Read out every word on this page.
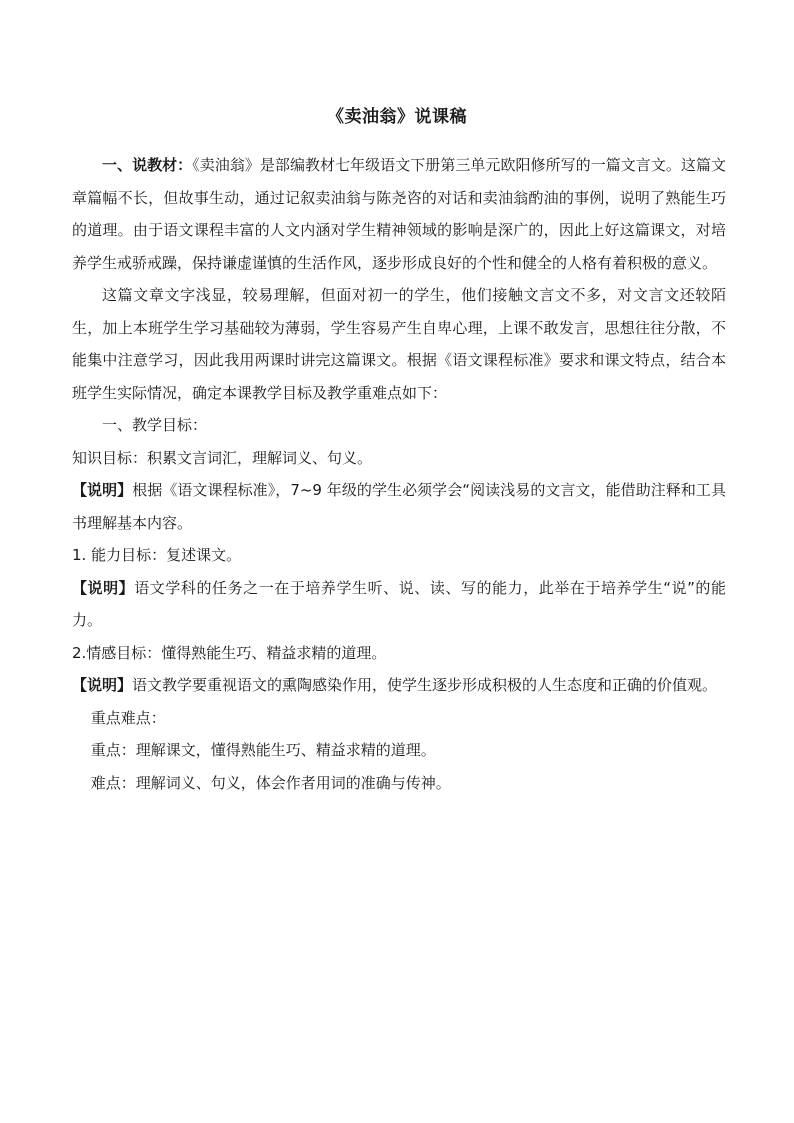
《卖油翁》说课稿

一、说教材：《卖油翁》是部编教材七年级语文下册第三单元欧阳修所写的一篇文言文。这篇文章篇幅不长，但故事生动，通过记叙卖油翁与陈尧咨的对话和卖油翁酌油的事例，说明了熟能生巧的道理。由于语文课程丰富的人文内涵对学生精神领域的影响是深广的，因此上好这篇课文，对培养学生戒骄戒躁，保持谦虚谨慎的生活作风，逐步形成良好的个性和健全的人格有着积极的意义。

这篇文章文字浅显，较易理解，但面对初一的学生，他们接触文言文不多，对文言文还较陌生，加上本班学生学习基础较为薄弱，学生容易产生自卑心理，上课不敢发言，思想往往分散，不能集中注意学习，因此我用两课时讲完这篇课文。根据《语文课程标准》要求和课文特点，结合本班学生实际情况，确定本课教学目标及教学重难点如下：

一、教学目标：

知识目标：积累文言词汇，理解词义、句义。

【说明】根据《语文课程标准》，7~9 年级的学生必须学会“阅读浅易的文言文，能借助注释和工具书理解基本内容。

1. 能力目标：复述课文。

【说明】语文学科的任务之一在于培养学生听、说、读、写的能力，此举在于培养学生“说”的能力。

2.情感目标：懂得熟能生巧、精益求精的道理。

【说明】语文教学要重视语文的熏陶感染作用，使学生逐步形成积极的人生态度和正确的价值观。

重点难点：

重点：理解课文，懂得熟能生巧、精益求精的道理。

难点：理解词义、句义，体会作者用词的准确与传神。
